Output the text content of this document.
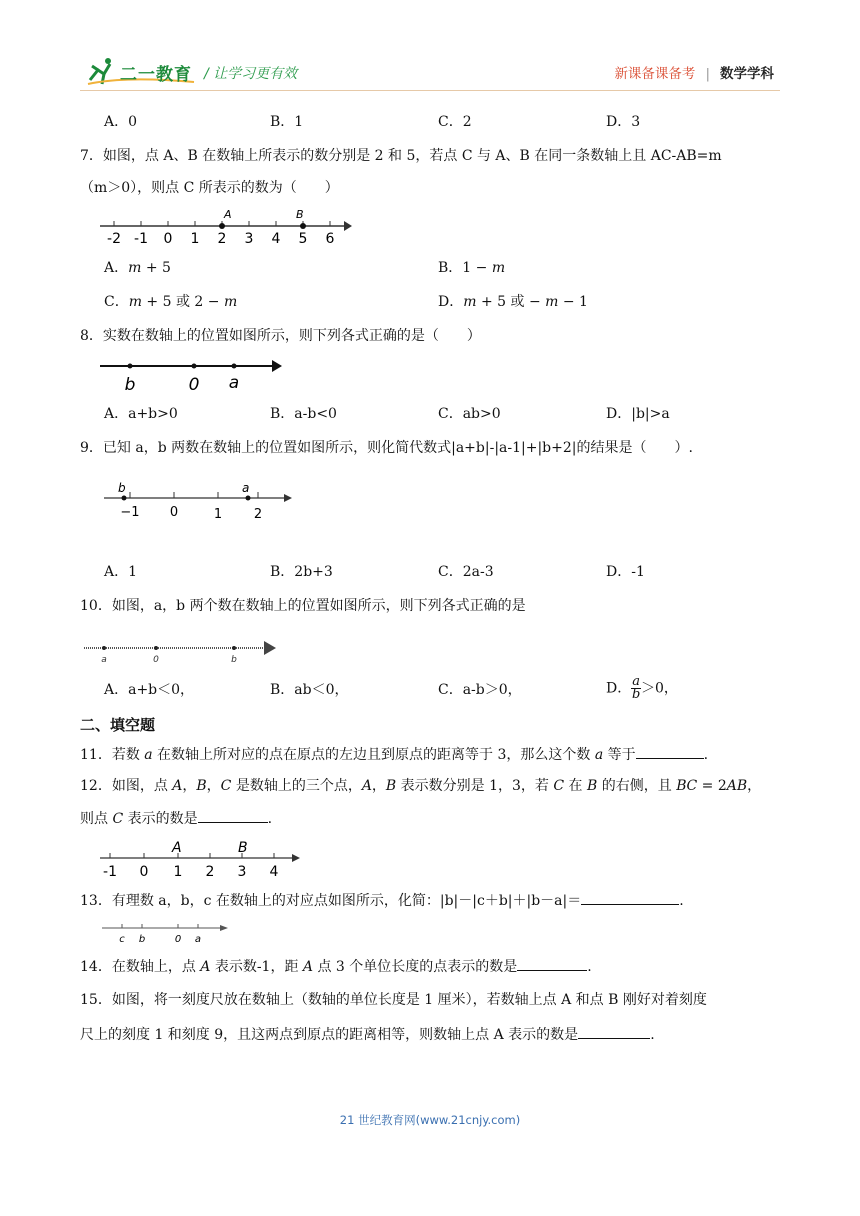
二一教育 / 让学习更有效	新课备课备考 | 数学学科
A．0	B．1	C．2	D．3
7．如图，点 A、B 在数轴上所表示的数分别是 2 和 5，若点 C 与 A、B 在同一条数轴上且 AC-AB=m
（m＞0），则点 C 所表示的数为（　　）
A	B
-2 -1 0 1 2 3 4 5 6
A．𝑚 + 5	B．1 − 𝑚
C．𝑚 + 5 或 2 − 𝑚	D．𝑚 + 5 或 − 𝑚 − 1
8．实数在数轴上的位置如图所示，则下列各式正确的是（　　）
b	0 a
A．a+b>0	B．a-b<0	C．ab>0	D．|b|>a
9．已知 a，b 两数在数轴上的位置如图所示，则化简代数式|a+b|-|a-1|+|b+2|的结果是（　　）.
b	a
−1 0	1 2
A．1	B．2b+3	C．2a-3	D．-1
10．如图，a，b 两个数在数轴上的位置如图所示，则下列各式正确的是
a	0	b
A．a+b＜0，	B．ab＜0，	C．a-b＞0，	D． $\frac{a}{b} >0$，
二、填空题
11．若数 𝑎 在数轴上所对应的点在原点的左边且到原点的距离等于 3，那么这个数 𝑎 等于	.
12．如图，点 𝐴，𝐵，𝐶 是数轴上的三个点，𝐴，𝐵 表示数分别是 1，3，若 𝐶 在 𝐵 的右侧，且 𝐵𝐶 = 2𝐴𝐵，
则点 𝐶 表示的数是	.
A	B
-1 0 1 2 3 4
13．有理数 a，b，c 在数轴上的对应点如图所示，化简：|b|－|c＋b|＋|b－a|＝	.
c b	0 a
14．在数轴上，点 𝐴 表示数-1，距 𝐴 点 3 个单位长度的点表示的数是	.
15．如图，将一刻度尺放在数轴上（数轴的单位长度是 1 厘米），若数轴上点 A 和点 B 刚好对着刻度
尺上的刻度 1 和刻度 9，且这两点到原点的距离相等，则数轴上点 A 表示的数是	.
21 世纪教育网(www.21cnjy.com)
